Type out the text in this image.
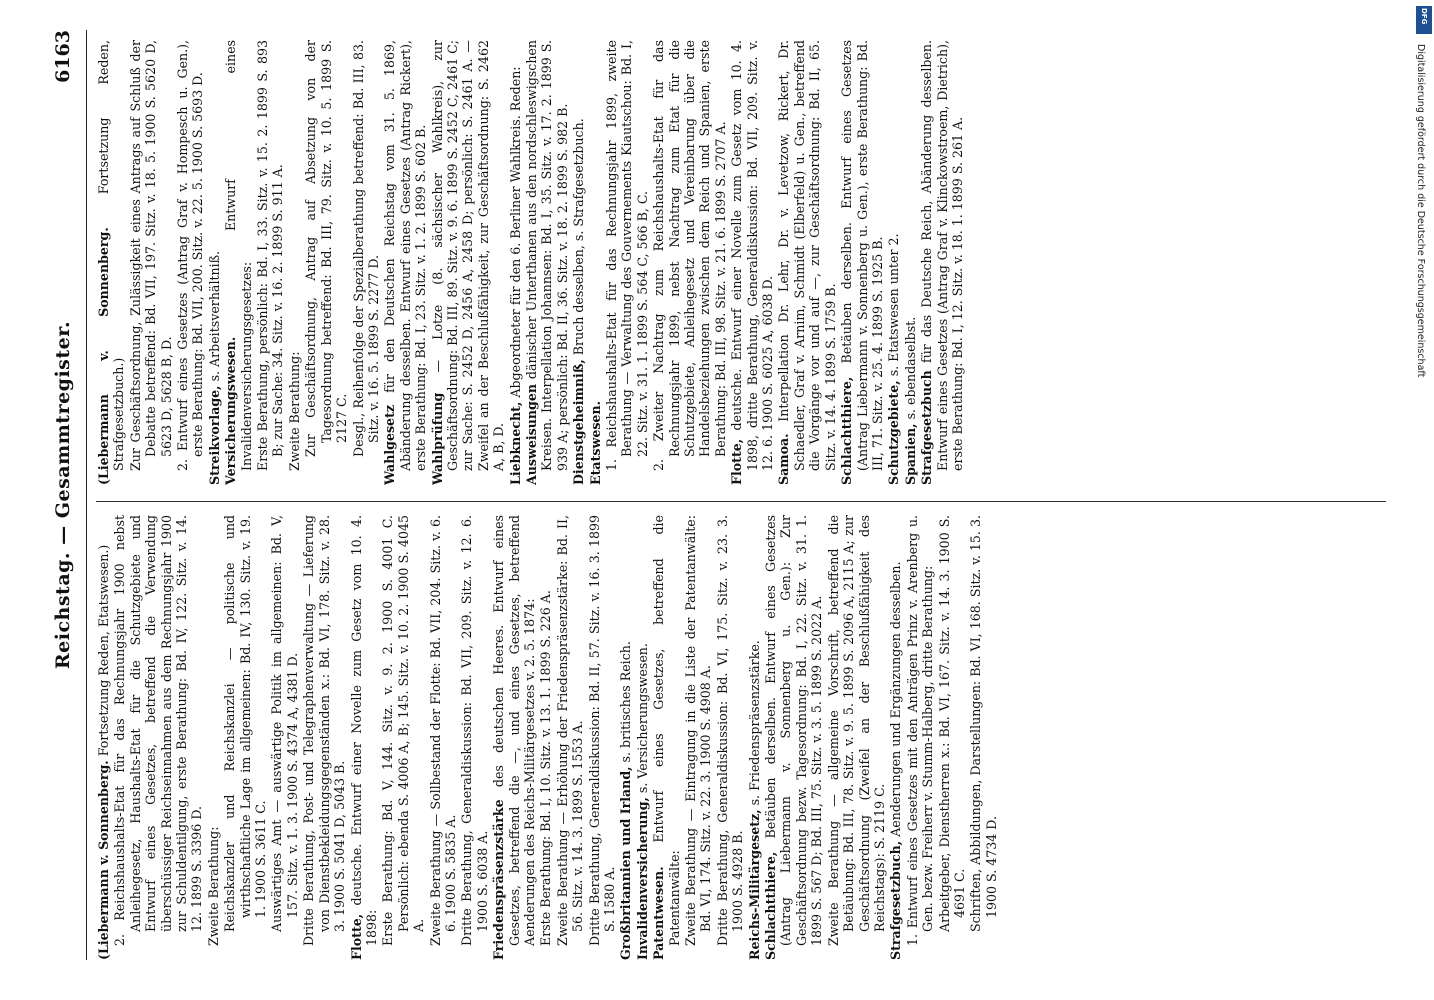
Reichstag. — Gesammtregister.
6163

(Liebermann v. Sonnenberg. Fortsetzung Reden, Etatswesen.) 2. Reichshaushalts-Etat für das Rechnungsjahr 1900 nebst Anleihegesetz, Haushalts-Etat für die Schutzgebiete und Entwurf eines Gesetzes, betreffend die Verwendung überschüssiger Reichseinnahmen aus dem Rechnungsjahr 1900 zur Schuldentilgung, erste Berathung: Bd. IV, 122. Sitz. v. 14. 12. 1899 S. 3396 D. Zweite Berathung: Reichskanzler und Reichskanzlei — politische und wirthschaftliche Lage im allgemeinen: Bd. IV, 130. Sitz. v. 19. 1. 1900 S. 3611 C. Auswärtiges Amt — auswärtige Politik im allgemeinen: Bd. V, 157. Sitz. v. 1. 3. 1900 S. 4374 A, 4381 D. Dritte Berathung, Post- und Telegraphenverwaltung — Lieferung von Dienstbekleidungsgegenständen x.: Bd. VI, 178. Sitz. v. 28. 3. 1900 S. 5041 D, 5043 B.

Flotte, deutsche. Entwurf einer Novelle zum Gesetz vom 10. 4. 1898: Erste Berathung: Bd. V, 144. Sitz. v. 9. 2. 1900 S. 4001 C. Persönlich: ebenda S. 4006 A, B; 145. Sitz. v. 10. 2. 1900 S. 4045 A. Zweite Berathung — Sollbestand der Flotte: Bd. VII, 204. Sitz. v. 6. 6. 1900 S. 5835 A. Dritte Berathung, Generaldiskussion: Bd. VII, 209. Sitz. v. 12. 6. 1900 S. 6038 A. Friedenspräsenzstärke des deutschen Heeres. Entwurf eines Gesetzes, betreffend die —, und eines Gesetzes, betreffend Aenderungen des Reichs-Militärgesetzes v. 2. 5. 1874: Erste Berathung: Bd. I, 10. Sitz. v. 13. 1. 1899 S. 226 A. Zweite Berathung — Erhöhung der Friedenspräsenzstärke: Bd. II, 56. Sitz. v. 14. 3. 1899 S. 1553 A. Dritte Berathung, Generaldiskussion: Bd. II, 57. Sitz. v. 16. 3. 1899 S. 1580 A. Großbritannien und Irland, s. britisches Reich.

Invalidenversicherung, s. Versicherungswesen.

Patentwesen. Entwurf eines Gesetzes, betreffend die Patentanwälte: Zweite Berathung — Eintragung in die Liste der Patentanwälte: Bd. VI, 174. Sitz. v. 22. 3. 1900 S. 4908 A. Dritte Berathung, Generaldiskussion: Bd. VI, 175. Sitz. v. 23. 3. 1900 S. 4928 B. Reichs-Militärgesetz, s. Friedenspräsenzstärke.

Schlachtthiere, Betäuben derselben. Entwurf eines Gesetzes (Antrag Liebermann v. Sonnenberg u. Gen.): Zur Geschäftsordnung bezw. Tagesordnung: Bd. I, 22. Sitz. v. 31. 1. 1899 S. 567 D; Bd. III, 75. Sitz. v. 3. 5. 1899 S. 2022 A. Zweite Berathung — allgemeine Vorschrift, betreffend die Betäubung: Bd. III, 78. Sitz. v. 9. 5. 1899 S. 2096 A, 2115 A; zur Geschäftsordnung (Zweifel an der Beschlußfähigkeit des Reichstags): S. 2119 C. Strafgesetzbuch, Aenderungen und Ergänzungen desselben. 1. Entwurf eines Gesetzes mit den Anträgen Prinz v. Arenberg u. Gen. bezw. Freiherr v. Stumm-Halberg, dritte Berathung: Arbeitgeber, Dienstherren x.: Bd. VI, 167. Sitz. v. 14. 3. 1900 S. 4691 C. Schriften, Abbildungen, Darstellungen: Bd. VI, 168. Sitz. v. 15. 3. 1900 S. 4734 D.

(Liebermann v. Sonnenberg. Fortsetzung Reden, Strafgesetzbuch.) Zur Geschäftsordnung, Zulässigkeit eines Antrags auf Schluß der Debatte betreffend: Bd. VII, 197. Sitz. v. 18. 5. 1900 S. 5620 D, 5623 D, 5628 B, D. 2. Entwurf eines Gesetzes (Antrag Graf v. Hompesch u. Gen.), erste Berathung: Bd. VII, 200. Sitz. v. 22. 5. 1900 S. 5693 D. Streikvorlage, s. Arbeitsverhältniß.

Versicherungswesen. Entwurf eines Invalidenversicherungsgesetzes: Erste Berathung, persönlich: Bd. I, 33. Sitz. v. 15. 2. 1899 S. 893 B; zur Sache: 34. Sitz. v. 16. 2. 1899 S. 911 A. Zweite Berathung: Zur Geschäftsordnung, Antrag auf Absetzung von der Tagesordnung betreffend: Bd. III, 79. Sitz. v. 10. 5. 1899 S. 2127 C. Desgl., Reihenfolge der Spezialberathung betreffend: Bd. III, 83. Sitz. v. 16. 5. 1899 S. 2277 D.

Wahlgesetz für den Deutschen Reichstag vom 31. 5. 1869, Abänderung desselben. Entwurf eines Gesetzes (Antrag Rickert), erste Berathung: Bd. I, 23. Sitz. v. 1. 2. 1899 S. 602 B. Wahlprüfung — Lotze (8. sächsischer Wahlkreis), zur Geschäftsordnung: Bd. III, 89. Sitz. v. 9. 6. 1899 S. 2452 C, 2461 C; zur Sache: S. 2452 D, 2456 A, 2458 D; persönlich: S. 2461 A. — Zweifel an der Beschlußfähigkeit, zur Geschäftsordnung: S. 2462 A, B, D. Liebknecht, Abgeordneter für den 6. Berliner Wahlkreis. Reden:

Ausweisungen dänischer Unterthanen aus den nordschleswigschen Kreisen. Interpellation Johannsen: Bd. I, 35. Sitz. v. 17. 2. 1899 S. 939 A; persönlich: Bd. II, 36. Sitz. v. 18. 2. 1899 S. 982 B. Dienstgeheimniß, Bruch desselben, s. Strafgesetzbuch.

Etatswesen. 1. Reichshaushalts-Etat für das Rechnungsjahr 1899, zweite Berathung — Verwaltung des Gouvernements Kiautschou: Bd. I, 22. Sitz. v. 31. 1. 1899 S. 564 C, 566 B, C. 2. Zweiter Nachtrag zum Reichshaushalts-Etat für das Rechnungsjahr 1899, nebst Nachtrag zum Etat für die Schutzgebiete, Anleihegesetz und Vereinbarung über die Handelsbeziehungen zwischen dem Reich und Spanien, erste Berathung: Bd. III, 98. Sitz. v. 21. 6. 1899 S. 2707 A.

Flotte, deutsche. Entwurf einer Novelle zum Gesetz vom 10. 4. 1898, dritte Berathung, Generaldiskussion: Bd. VII, 209. Sitz. v. 12. 6. 1900 S. 6025 A, 6038 D. Samoa. Interpellation Dr. Lehr, Dr. v. Levetzow, Rickert, Dr. Schaedler, Graf v. Arnim, Schmidt (Elberfeld) u. Gen., betreffend die Vorgänge vor und auf —, zur Geschäftsordnung: Bd. II, 65. Sitz. v. 14. 4. 1899 S. 1759 B. Schlachtthiere, Betäuben derselben. Entwurf eines Gesetzes (Antrag Liebermann v. Sonnenberg u. Gen.), erste Berathung: Bd. III, 71. Sitz. v. 25. 4. 1899 S. 1925 B. Schutzgebiete, s. Etatswesen unter 2.

Spanien, s. ebendaselbst.

Strafgesetzbuch für das Deutsche Reich, Abänderung desselben. Entwurf eines Gesetzes (Antrag Graf v. Klinckowstroem, Dietrich), erste Berathung: Bd. I, 12. Sitz. v. 18. 1. 1899 S. 261 A.

DFG
Digitalisierung gefördert durch die Deutsche Forschungsgemeinschaft
